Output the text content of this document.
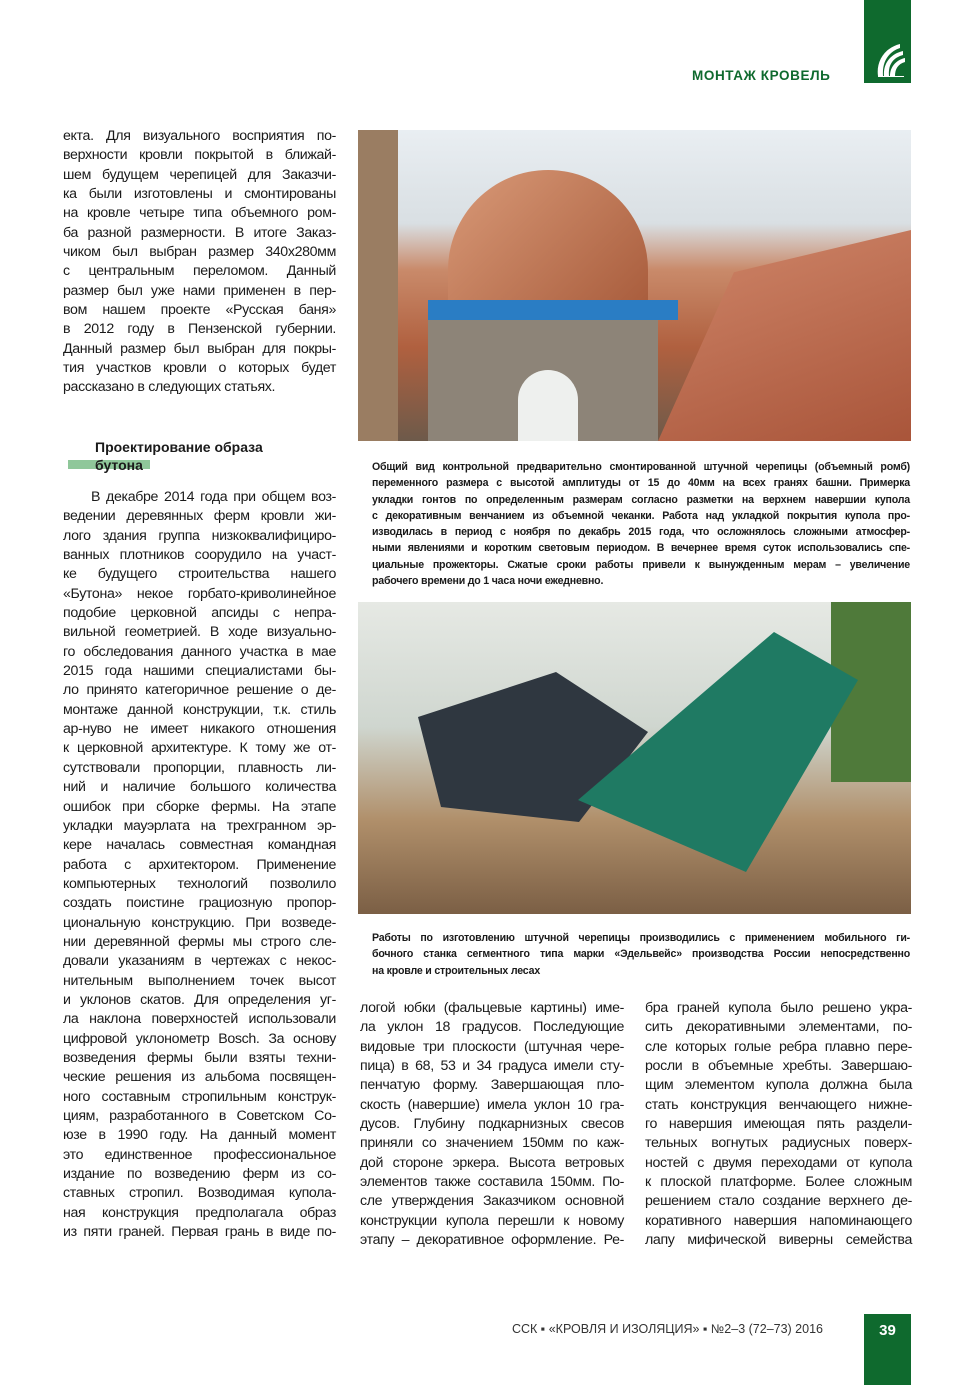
МОНТАЖ КРОВЕЛЬ
екта. Для визуального восприятия по-
верхности кровли покрытой в ближай-
шем будущем черепицей для Заказчи-
ка были изготовлены и смонтированы
на кровле четыре типа объемного ром-
ба разной размерности. В итоге Заказ-
чиком был выбран размер 340х280мм
с центральным переломом. Данный
размер был уже нами применен в пер-
вом нашем проекте «Русская баня»
в 2012 году в Пензенской губернии.
Данный размер был выбран для покры-
тия участков кровли о которых будет
рассказано в следующих статьях.
Проектирование образа
бутона
В декабре 2014 года при общем воз-
ведении деревянных ферм кровли жи-
лого здания группа низкоквалифициро-
ванных плотников соорудило на участ-
ке будущего строительства нашего
«Бутона» некое горбато-криволинейное
подобие церковной апсиды с непра-
вильной геометрией. В ходе визуально-
го обследования данного участка в мае
2015 года нашими специалистами бы-
ло принято категоричное решение о де-
монтаже данной конструкции, т.к. стиль
ар-нуво не имеет никакого отношения
к церковной архитектуре. К тому же от-
сутствовали пропорции, плавность ли-
ний и наличие большого количества
ошибок при сборке фермы. На этапе
укладки мауэрлата на трехгранном эр-
кере началась совместная командная
работа с архитектором. Применение
компьютерных технологий позволило
создать поистине грациозную пропор-
циональную конструкцию. При возведе-
нии деревянной фермы мы строго сле-
довали указаниям в чертежах с некос-
нительным выполнением точек высот
и уклонов скатов. Для определения уг-
ла наклона поверхностей использовали
цифровой уклонометр Bosch. За основу
возведения фермы были взяты техни-
ческие решения из альбома посвящен-
ного составным стропильным конструк-
циям, разработанного в Советском Со-
юзе в 1990 году. На данный момент
это единственное профессиональное
издание по возведению ферм из со-
ставных стропил. Возводимая купола-
ная конструкция предполагала образ
из пяти граней. Первая грань в виде по-
логой юбки (фальцевые картины) име-
ла уклон 18 градусов. Последующие
видовые три плоскости (штучная чере-
пица) в 68, 53 и 34 градуса имели сту-
пенчатую форму. Завершающая пло-
скость (навершие) имела уклон 10 гра-
дусов. Глубину подкарнизных свесов
приняли со значением 150мм по каж-
дой стороне эркера. Высота ветровых
элементов также составила 150мм. По-
сле утверждения Заказчиком основной
конструкции купола перешли к новому
этапу – декоративное оформление. Ре-
бра граней купола было решено укра-
сить декоративными элементами, по-
сле которых голые ребра плавно пере-
росли в объемные хребты. Завершаю-
щим элементом купола должна была
стать конструкция венчающего нижне-
го навершия имеющая пять раздели-
тельных вогнутых радиусных поверх-
ностей с двумя переходами от купола
к плоской платформе. Более сложным
решением стало создание верхнего де-
коративного навершия напоминающего
лапу мифической виверны семейства
Общий вид контрольной предварительно смонтированной штучной черепицы (объемный ромб)
переменного размера с высотой амплитуды от 15 до 40мм на всех гранях башни. Примерка
укладки гонтов по определенным размерам согласно разметки на верхнем навершии купола
с декоративным венчанием из объемной чеканки. Работа над укладкой покрытия купола про-
изводилась в период с ноября по декабрь 2015 года, что осложнялось сложными атмосфер-
ными явлениями и коротким световым периодом. В вечернее время суток использовались спе-
циальные прожекторы. Сжатые сроки работы привели к вынужденным мерам – увеличение
рабочего времени до 1 часа ночи ежедневно.
Работы по изготовлению штучной черепицы производились с применением мобильного ги-
бочного станка сегментного типа марки «Эдельвейс» производства России непосредственно
на кровле и строительных лесах
ССК ▪ «КРОВЛЯ И ИЗОЛЯЦИЯ» ▪ №2–3 (72–73) 2016	39
